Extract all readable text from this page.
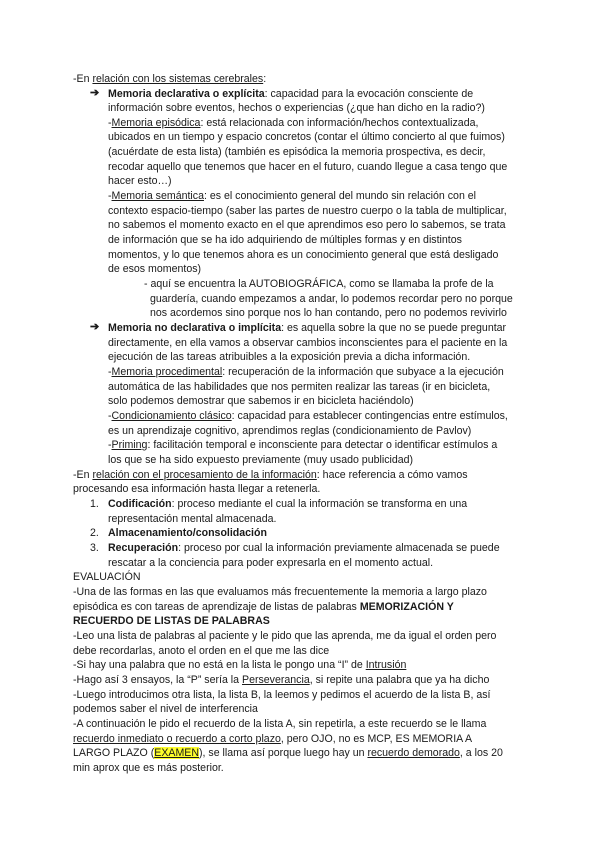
-En relación con los sistemas cerebrales:
➔ Memoria declarativa o explícita: capacidad para la evocación consciente de
información sobre eventos, hechos o experiencias (¿que han dicho en la radio?)
-Memoria episódica: está relacionada con información/hechos contextualizada,
ubicados en un tiempo y espacio concretos (contar el último concierto al que fuimos)
(acuérdate de esta lista) (también es episódica la memoria prospectiva, es decir,
recodar aquello que tenemos que hacer en el futuro, cuando llegue a casa tengo que
hacer esto…)
-Memoria semántica: es el conocimiento general del mundo sin relación con el
contexto espacio-tiempo (saber las partes de nuestro cuerpo o la tabla de multiplicar,
no sabemos el momento exacto en el que aprendimos eso pero lo sabemos, se trata
de información que se ha ido adquiriendo de múltiples formas y en distintos
momentos, y lo que tenemos ahora es un conocimiento general que está desligado
de esos momentos)
- aquí se encuentra la AUTOBIOGRÁFICA, como se llamaba la profe de la
guardería, cuando empezamos a andar, lo podemos recordar pero no porque
nos acordemos sino porque nos lo han contando, pero no podemos revivirlo
➔ Memoria no declarativa o implícita: es aquella sobre la que no se puede preguntar
directamente, en ella vamos a observar cambios inconscientes para el paciente en la
ejecución de las tareas atribuibles a la exposición previa a dicha información.
-Memoria procedimental: recuperación de la información que subyace a la ejecución
automática de las habilidades que nos permiten realizar las tareas (ir en bicicleta,
solo podemos demostrar que sabemos ir en bicicleta haciéndolo)
-Condicionamiento clásico: capacidad para establecer contingencias entre estímulos,
es un aprendizaje cognitivo, aprendimos reglas (condicionamiento de Pavlov)
-Priming: facilitación temporal e inconsciente para detectar o identificar estímulos a
los que se ha sido expuesto previamente (muy usado publicidad)
-En relación con el procesamiento de la información: hace referencia a cómo vamos
procesando esa información hasta llegar a retenerla.
1. Codificación: proceso mediante el cual la información se transforma en una
representación mental almacenada.
2. Almacenamiento/consolidación
3. Recuperación: proceso por cual la información previamente almacenada se puede
rescatar a la conciencia para poder expresarla en el momento actual.
EVALUACIÓN
-Una de las formas en las que evaluamos más frecuentemente la memoria a largo plazo
episódica es con tareas de aprendizaje de listas de palabras MEMORIZACIÓN Y
RECUERDO DE LISTAS DE PALABRAS
-Leo una lista de palabras al paciente y le pido que las aprenda, me da igual el orden pero
debe recordarlas, anoto el orden en el que me las dice
-Si hay una palabra que no está en la lista le pongo una “I” de Intrusión
-Hago así 3 ensayos, la “P” sería la Perseverancia, si repite una palabra que ya ha dicho
-Luego introducimos otra lista, la lista B, la leemos y pedimos el acuerdo de la lista B, así
podemos saber el nivel de interferencia
-A continuación le pido el recuerdo de la lista A, sin repetirla, a este recuerdo se le llama
recuerdo inmediato o recuerdo a corto plazo, pero OJO, no es MCP, ES MEMORIA A
LARGO PLAZO (EXAMEN), se llama así porque luego hay un recuerdo demorado, a los 20
min aprox que es más posterior.
